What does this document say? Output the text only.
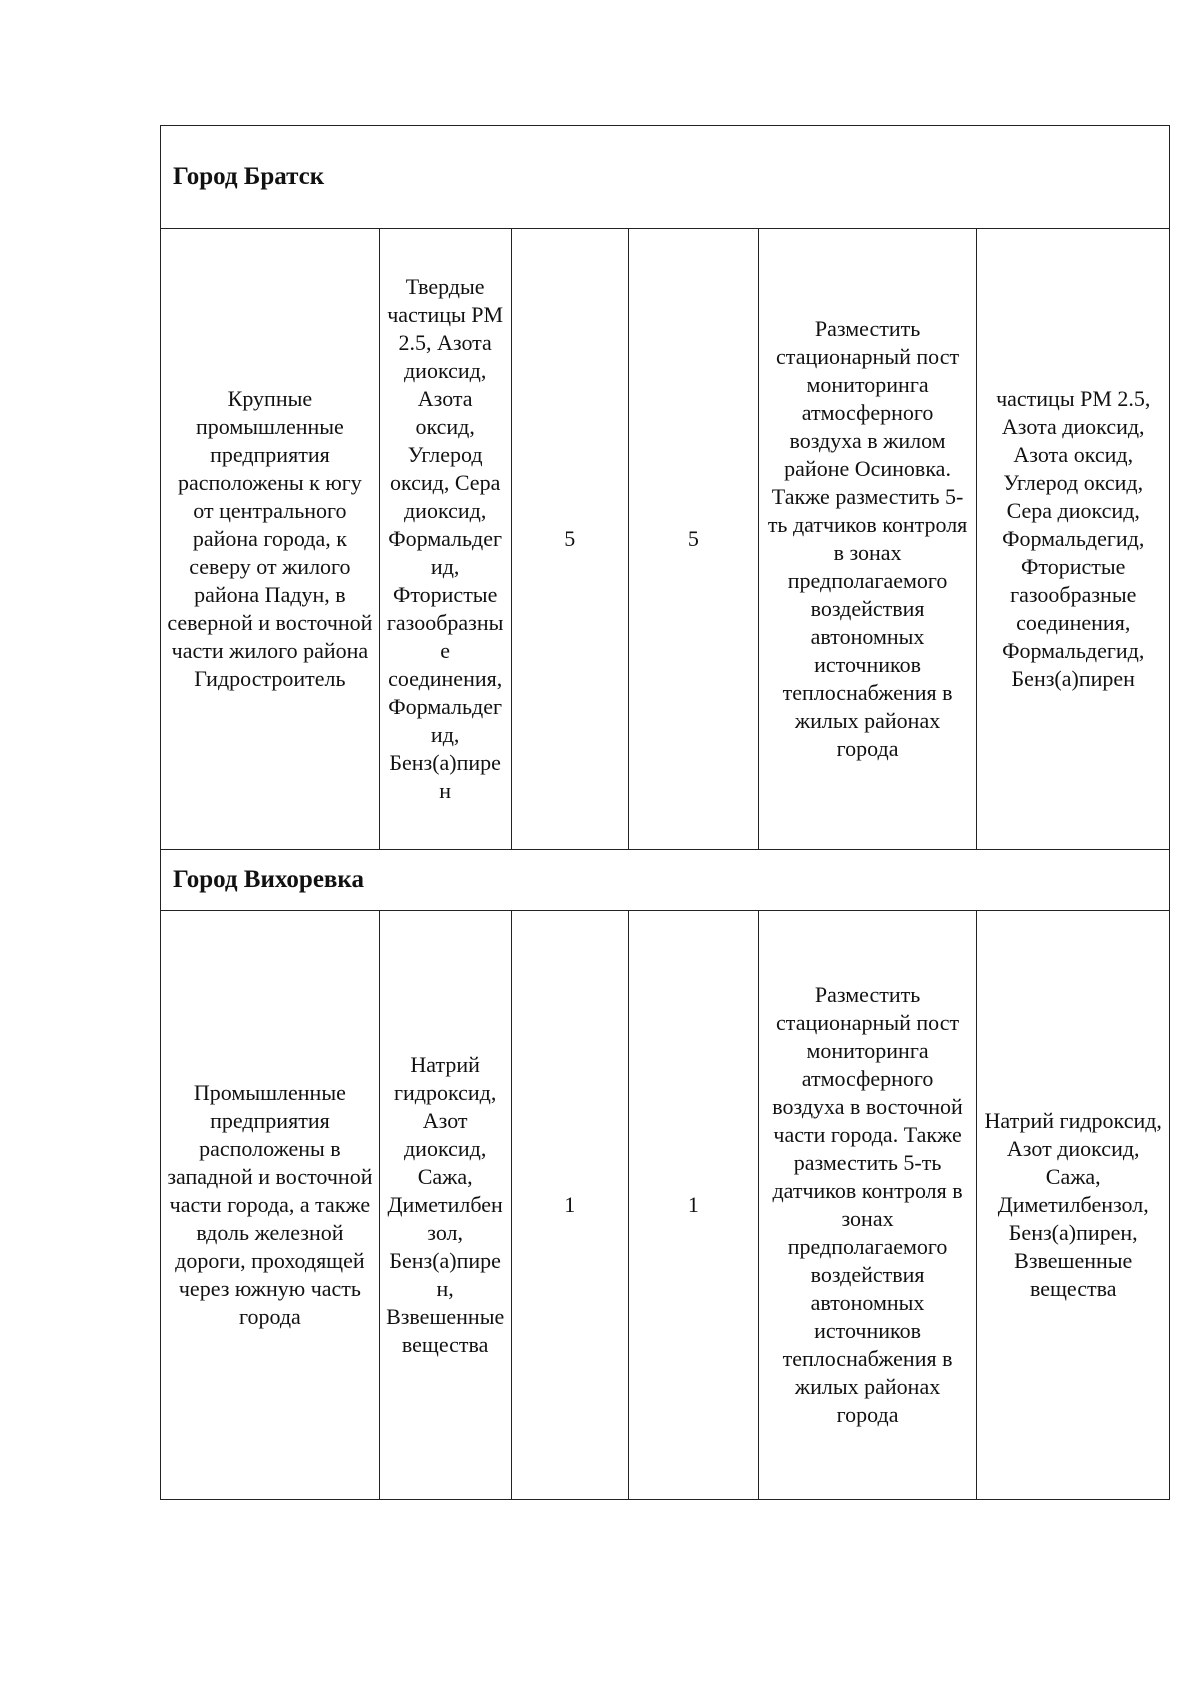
Город Братск					
Крупные промышленные предприятия расположены к югу от центрального района города, к северу от жилого района Падун, в северной и восточной части жилого района Гидростроитель	Твердые частицы PM 2.5, Азота диоксид, Азота оксид, Углерод оксид, Сера диоксид, Формальдегид, Фтористые газообразные соединения, Формальдегид, Бенз(а)пирен	5	5	Разместить стационарный пост мониторинга атмосферного воздуха в жилом районе Осиновка. Также разместить 5-ть датчиков контроля в зонах предполагаемого воздействия автономных источников теплоснабжения в жилых районах города	частицы PM 2.5, Азота диоксид, Азота оксид, Углерод оксид, Сера диоксид, Формальдегид, Фтористые газообразные соединения, Формальдегид, Бенз(а)пирен
Город Вихоревка					
Промышленные предприятия расположены в западной и восточной части города, а также вдоль железной дороги, проходящей через южную часть города	Натрий гидроксид, Азот диоксид, Сажа, Диметилбензол, Бенз(а)пирен, Взвешенные вещества	1	1	Разместить стационарный пост мониторинга атмосферного воздуха в восточной части города. Также разместить 5-ть датчиков контроля в зонах предполагаемого воздействия автономных источников теплоснабжения в жилых районах города	Натрий гидроксид, Азот диоксид, Сажа, Диметилбензол, Бенз(а)пирен, Взвешенные вещества
